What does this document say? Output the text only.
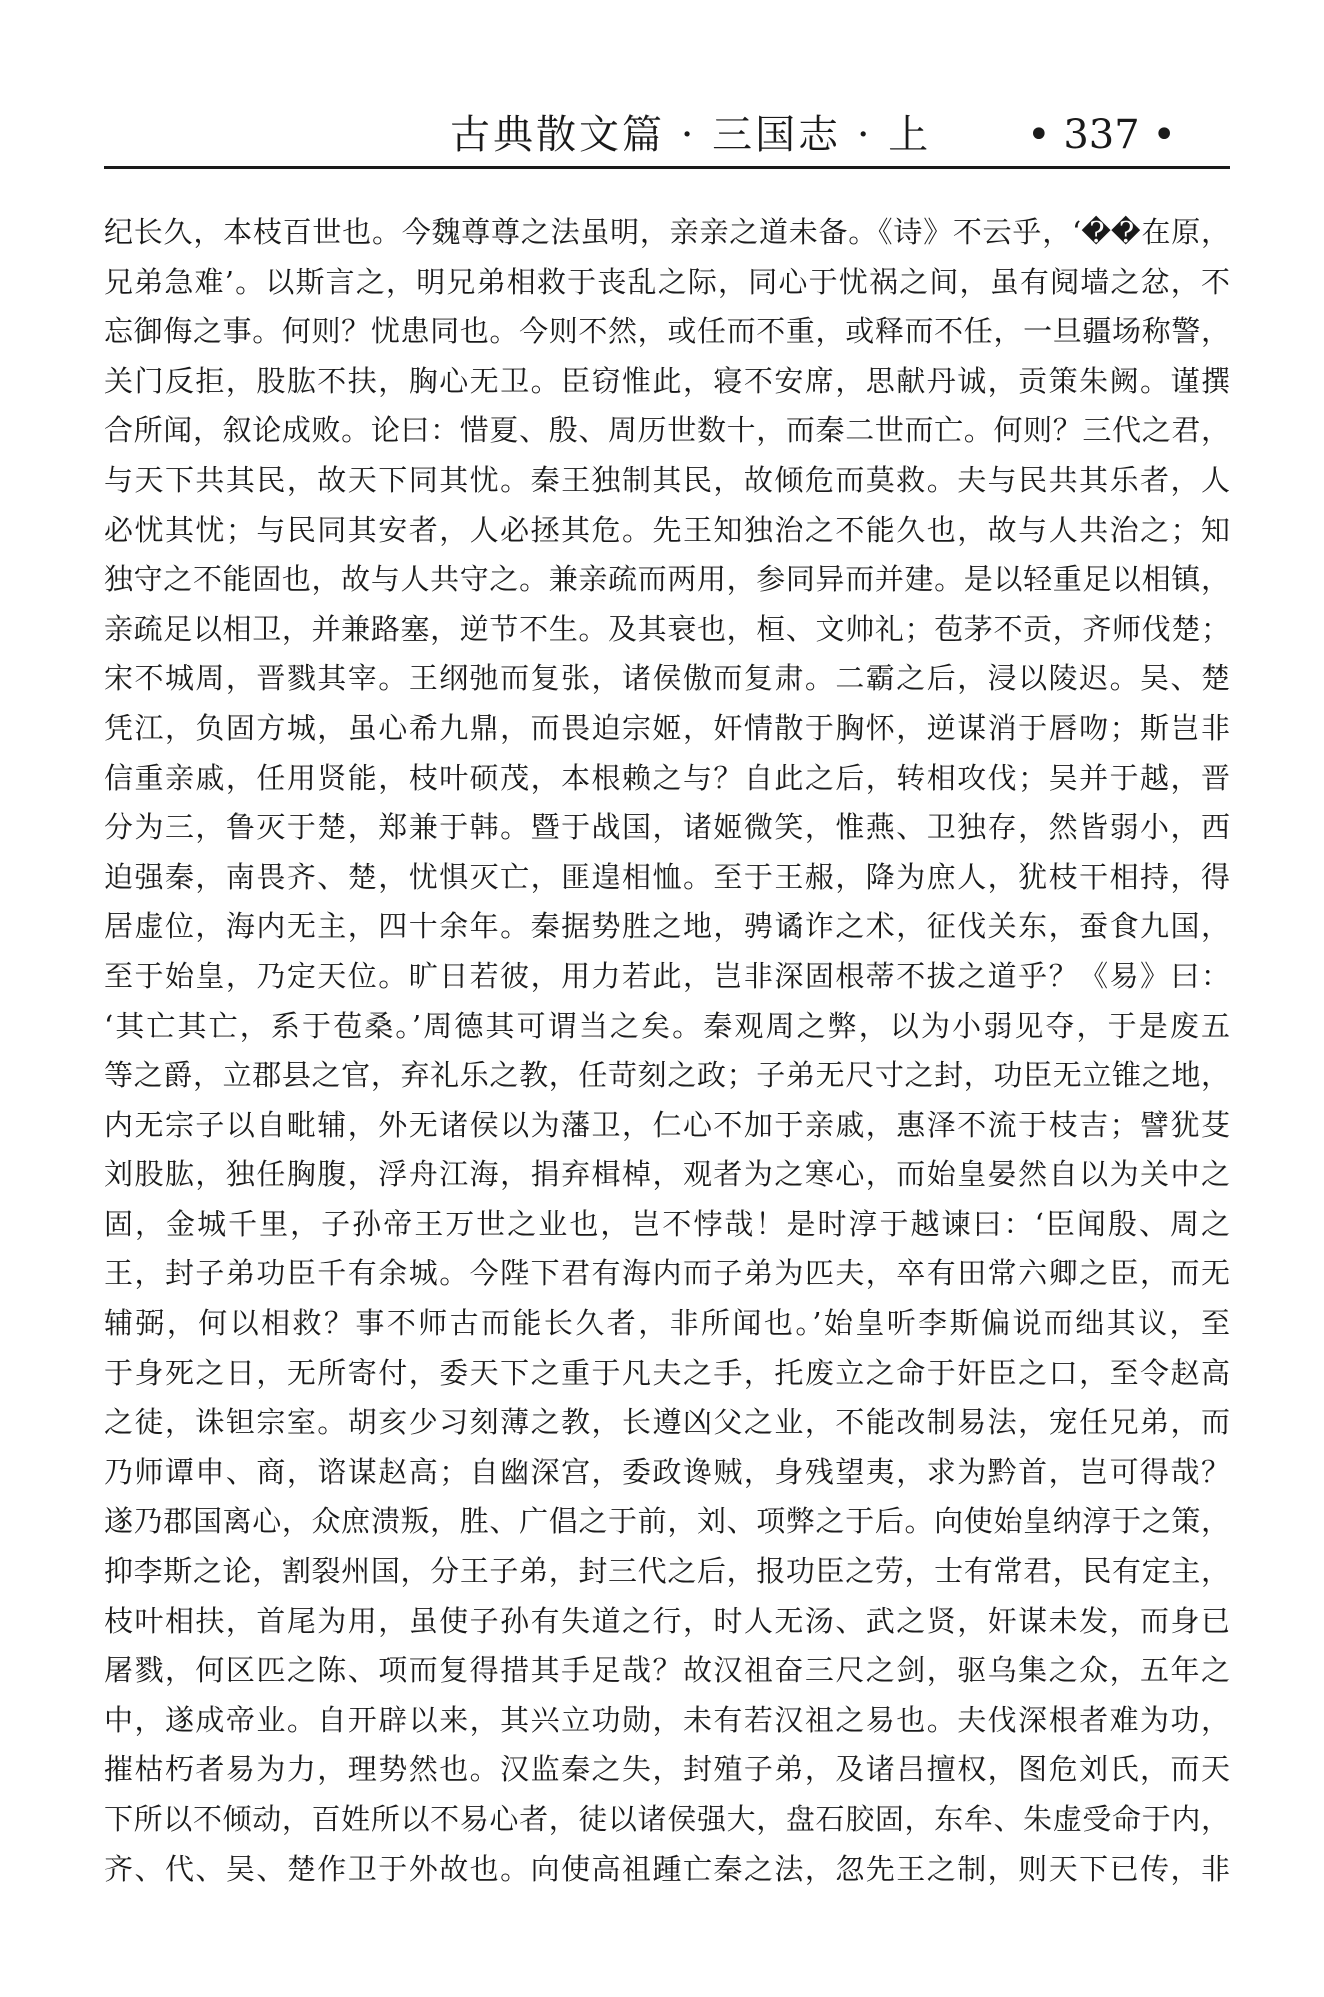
古典散文篇 · 三国志 · 上 • 337 •
纪长久，本枝百世也。今魏尊尊之法虽明，亲亲之道未备。《诗》不云乎，‘��在原，
兄弟急难’。以斯言之，明兄弟相救于丧乱之际，同心于忧祸之间，虽有阋墙之忿，不
忘御侮之事。何则？忧患同也。今则不然，或任而不重，或释而不任，一旦疆场称警，
关门反拒，股肱不扶，胸心无卫。臣窃惟此，寝不安席，思献丹诚，贡策朱阙。谨撰
合所闻，叙论成败。论曰：惜夏、殷、周历世数十，而秦二世而亡。何则？三代之君，
与天下共其民，故天下同其忧。秦王独制其民，故倾危而莫救。夫与民共其乐者，人
必忧其忧；与民同其安者，人必拯其危。先王知独治之不能久也，故与人共治之；知
独守之不能固也，故与人共守之。兼亲疏而两用，参同异而并建。是以轻重足以相镇，
亲疏足以相卫，并兼路塞，逆节不生。及其衰也，桓、文帅礼；苞茅不贡，齐师伐楚；
宋不城周，晋戮其宰。王纲弛而复张，诸侯傲而复肃。二霸之后，浸以陵迟。吴、楚
凭江，负固方城，虽心希九鼎，而畏迫宗姬，奸情散于胸怀，逆谋消于唇吻；斯岂非
信重亲戚，任用贤能，枝叶硕茂，本根赖之与？自此之后，转相攻伐；吴并于越，晋
分为三，鲁灭于楚，郑兼于韩。暨于战国，诸姬微笑，惟燕、卫独存，然皆弱小，西
迫强秦，南畏齐、楚，忧惧灭亡，匪遑相恤。至于王赧，降为庶人，犹枝干相持，得
居虚位，海内无主，四十余年。秦据势胜之地，骋谲诈之术，征伐关东，蚕食九国，
至于始皇，乃定天位。旷日若彼，用力若此，岂非深固根蒂不拔之道乎？《易》曰：
‘其亡其亡，系于苞桑。’周德其可谓当之矣。秦观周之弊，以为小弱见夺，于是废五
等之爵，立郡县之官，弃礼乐之教，任苛刻之政；子弟无尺寸之封，功臣无立锥之地，
内无宗子以自毗辅，外无诸侯以为藩卫，仁心不加于亲戚，惠泽不流于枝吉；譬犹芟
刘股肱，独任胸腹，浮舟江海，捐弃楫棹，观者为之寒心，而始皇晏然自以为关中之
固，金城千里，子孙帝王万世之业也，岂不悖哉！是时淳于越谏曰：‘臣闻殷、周之
王，封子弟功臣千有余城。今陛下君有海内而子弟为匹夫，卒有田常六卿之臣，而无
辅弼，何以相救？事不师古而能长久者，非所闻也。’始皇听李斯偏说而绌其议，至
于身死之日，无所寄付，委天下之重于凡夫之手，托废立之命于奸臣之口，至令赵高
之徒，诛钽宗室。胡亥少习刻薄之教，长遵凶父之业，不能改制易法，宠任兄弟，而
乃师谭申、商，谘谋赵高；自幽深宫，委政谗贼，身残望夷，求为黔首，岂可得哉？
遂乃郡国离心，众庶溃叛，胜、广倡之于前，刘、项弊之于后。向使始皇纳淳于之策，
抑李斯之论，割裂州国，分王子弟，封三代之后，报功臣之劳，士有常君，民有定主，
枝叶相扶，首尾为用，虽使子孙有失道之行，时人无汤、武之贤，奸谋未发，而身已
屠戮，何区匹之陈、项而复得措其手足哉？故汉祖奋三尺之剑，驱乌集之众，五年之
中，遂成帝业。自开辟以来，其兴立功勋，未有若汉祖之易也。夫伐深根者难为功，
摧枯朽者易为力，理势然也。汉监秦之失，封殖子弟，及诸吕擅权，图危刘氏，而天
下所以不倾动，百姓所以不易心者，徒以诸侯强大，盘石胶固，东牟、朱虚受命于内，
齐、代、吴、楚作卫于外故也。向使高祖踵亡秦之法，忽先王之制，则天下已传，非
